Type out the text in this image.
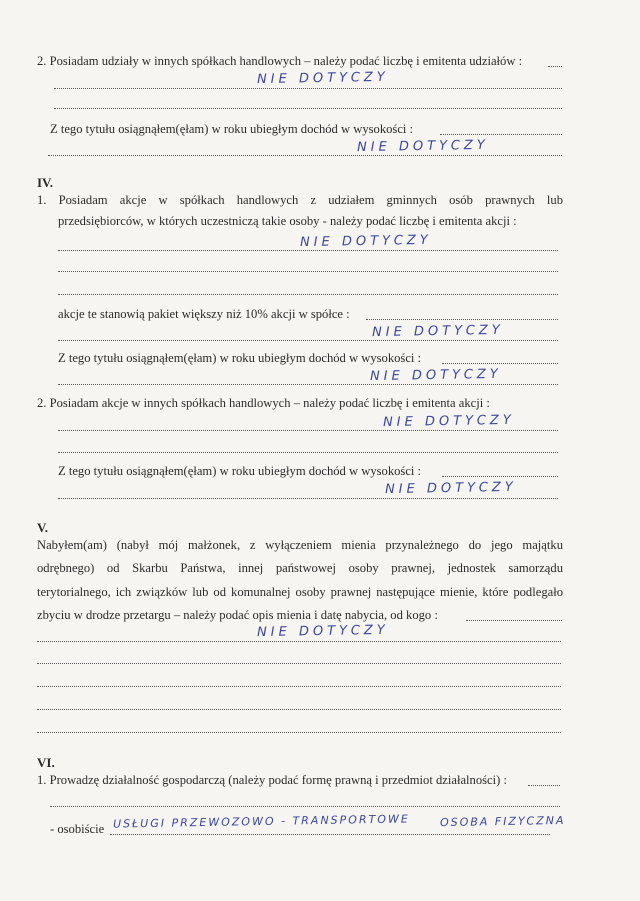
2. Posiadam udziały w innych spółkach handlowych – należy podać liczbę i emitenta udziałów :
NIE DOTYCZY
Z tego tytułu osiągnąłem(ęłam) w roku ubiegłym dochód w wysokości :
NIE DOTYCZY
IV.
1. Posiadam akcje w spółkach handlowych z udziałem gminnych osób prawnych lub
przedsiębiorców, w których uczestniczą takie osoby - należy podać liczbę i emitenta akcji :
NIE DOTYCZY
akcje te stanowią pakiet większy niż 10% akcji w spółce :
NIE DOTYCZY
Z tego tytułu osiągnąłem(ęłam) w roku ubiegłym dochód w wysokości :
NIE DOTYCZY
2. Posiadam akcje w innych spółkach handlowych – należy podać liczbę i emitenta akcji :
NIE DOTYCZY
Z tego tytułu osiągnąłem(ęłam) w roku ubiegłym dochód w wysokości :
NIE DOTYCZY
V.
Nabyłem(am) (nabył mój małżonek, z wyłączeniem mienia przynależnego do jego majątku
odrębnego) od Skarbu Państwa, innej państwowej osoby prawnej, jednostek samorządu
terytorialnego, ich związków lub od komunalnej osoby prawnej następujące mienie, które podlegało
zbyciu w drodze przetargu – należy podać opis mienia i datę nabycia, od kogo :
NIE DOTYCZY
VI.
1. Prowadzę działalność gospodarczą (należy podać formę prawną i przedmiot działalności) :
- osobiście USŁUGI PRZEWOZOWO - TRANSPORTOWE	OSOBA FIZYCZNA
